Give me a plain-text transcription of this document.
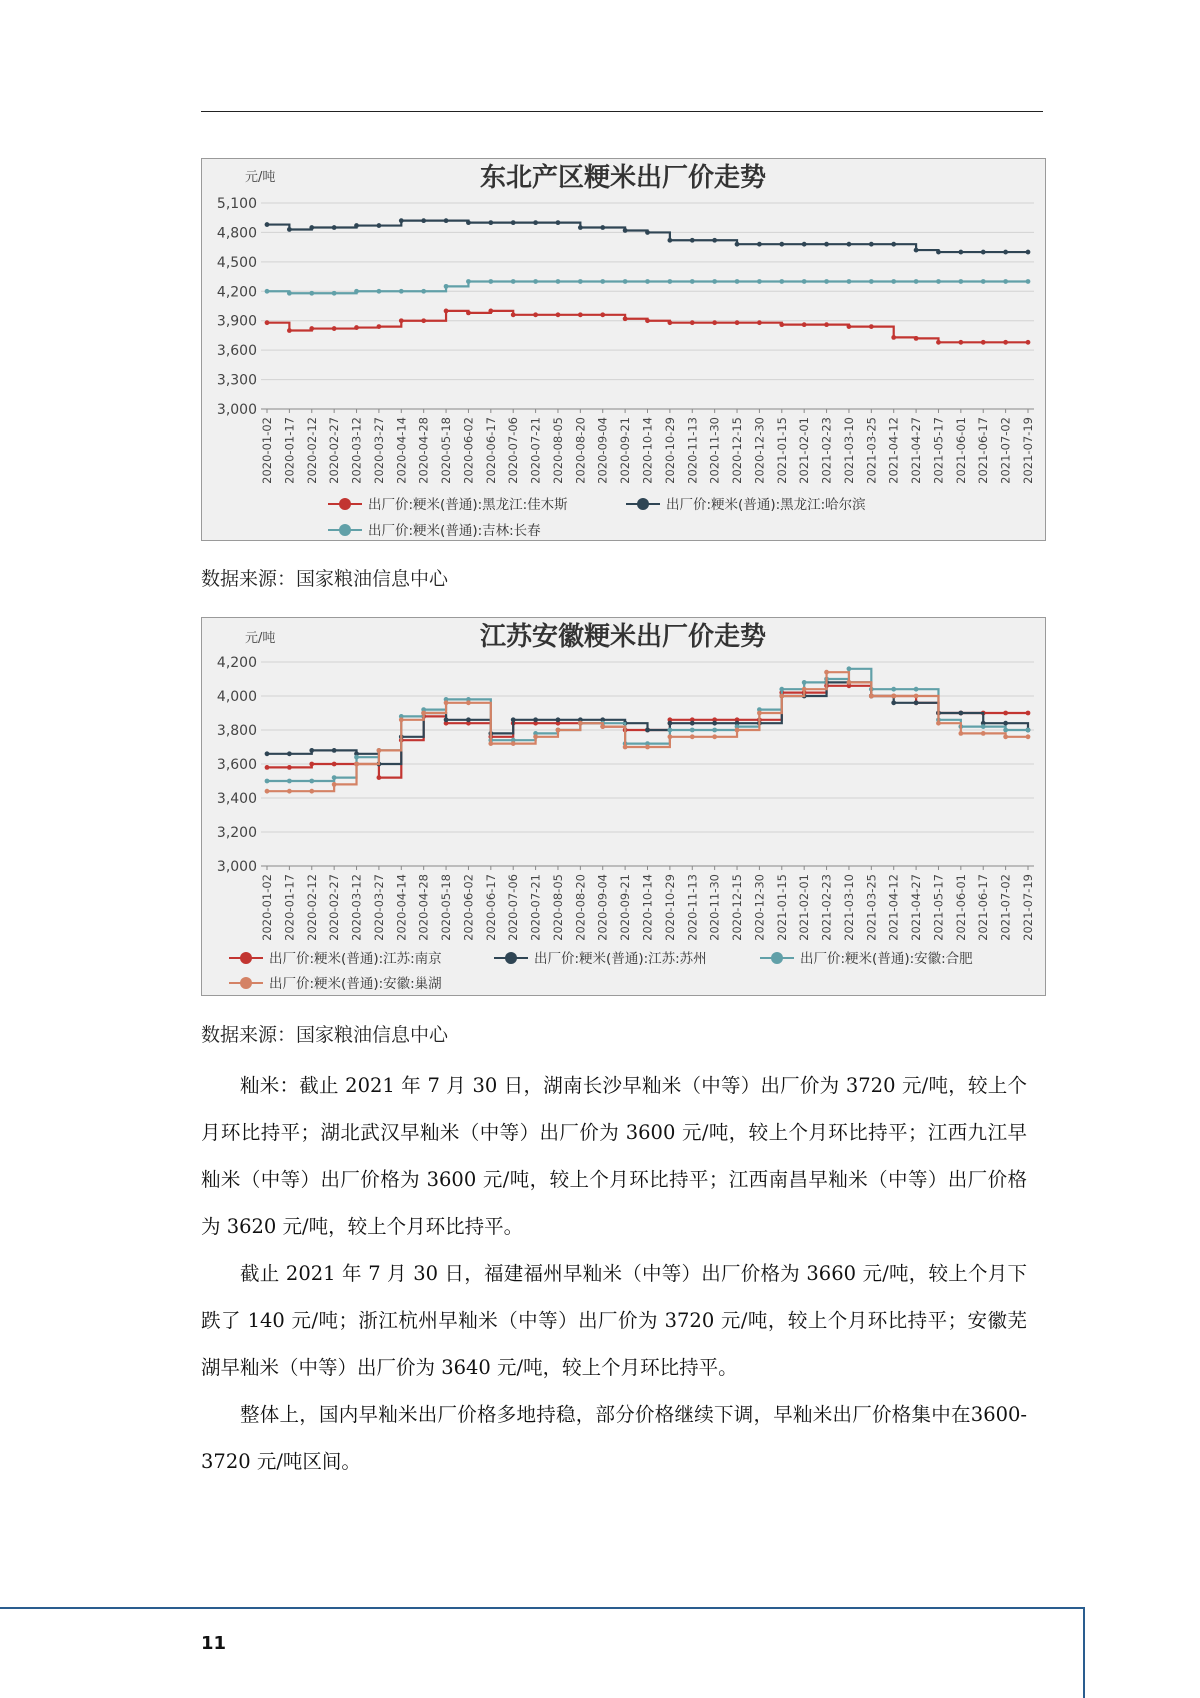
东北产区粳米出厂价走势
元/吨
5,100
4,800
4,500
4,200
3,900
3,600
3,300
3,000
2020-01-02 2020-01-17 2020-02-12 2020-02-27 2020-03-12 2020-03-27 2020-04-14 2020-04-28 2020-05-18 2020-06-02 2020-06-17 2020-07-06 2020-07-21 2020-08-05 2020-08-20 2020-09-04 2020-09-21 2020-10-14 2020-10-29 2020-11-13 2020-11-30 2020-12-15 2020-12-30 2021-01-15 2021-02-01 2021-02-23 2021-03-10 2021-03-25 2021-04-12 2021-04-27 2021-05-17 2021-06-01 2021-06-17 2021-07-02 2021-07-19
出厂价:粳米(普通):黑龙江:佳木斯	出厂价:粳米(普通):黑龙江:哈尔滨
出厂价:粳米(普通):吉林:长春
数据来源：国家粮油信息中心
江苏安徽粳米出厂价走势
元/吨
4,200
4,000
3,800
3,600
3,400
3,200
3,000
2020-01-02 2020-01-17 2020-02-12 2020-02-27 2020-03-12 2020-03-27 2020-04-14 2020-04-28 2020-05-18 2020-06-02 2020-06-17 2020-07-06 2020-07-21 2020-08-05 2020-08-20 2020-09-04 2020-09-21 2020-10-14 2020-10-29 2020-11-13 2020-11-30 2020-12-15 2020-12-30 2021-01-15 2021-02-01 2021-02-23 2021-03-10 2021-03-25 2021-04-12 2021-04-27 2021-05-17 2021-06-01 2021-06-17 2021-07-02 2021-07-19
出厂价:粳米(普通):江苏:南京	出厂价:粳米(普通):江苏:苏州	出厂价:粳米(普通):安徽:合肥
出厂价:粳米(普通):安徽:巢湖
数据来源：国家粮油信息中心

籼米：截止 2021 年 7 月 30 日，湖南长沙早籼米（中等）出厂价为 3720 元/吨，较上个月环比持平；湖北武汉早籼米（中等）出厂价为 3600 元/吨，较上个月环比持平；江西九江早籼米（中等）出厂价格为 3600 元/吨，较上个月环比持平；江西南昌早籼米（中等）出厂价格为 3620 元/吨，较上个月环比持平。

截止 2021 年 7 月 30 日，福建福州早籼米（中等）出厂价格为 3660 元/吨，较上个月下跌了 140 元/吨；浙江杭州早籼米（中等）出厂价为 3720 元/吨，较上个月环比持平；安徽芜湖早籼米（中等）出厂价为 3640 元/吨，较上个月环比持平。

整体上，国内早籼米出厂价格多地持稳，部分价格继续下调，早籼米出厂价格集中在3600-3720 元/吨区间。

11
